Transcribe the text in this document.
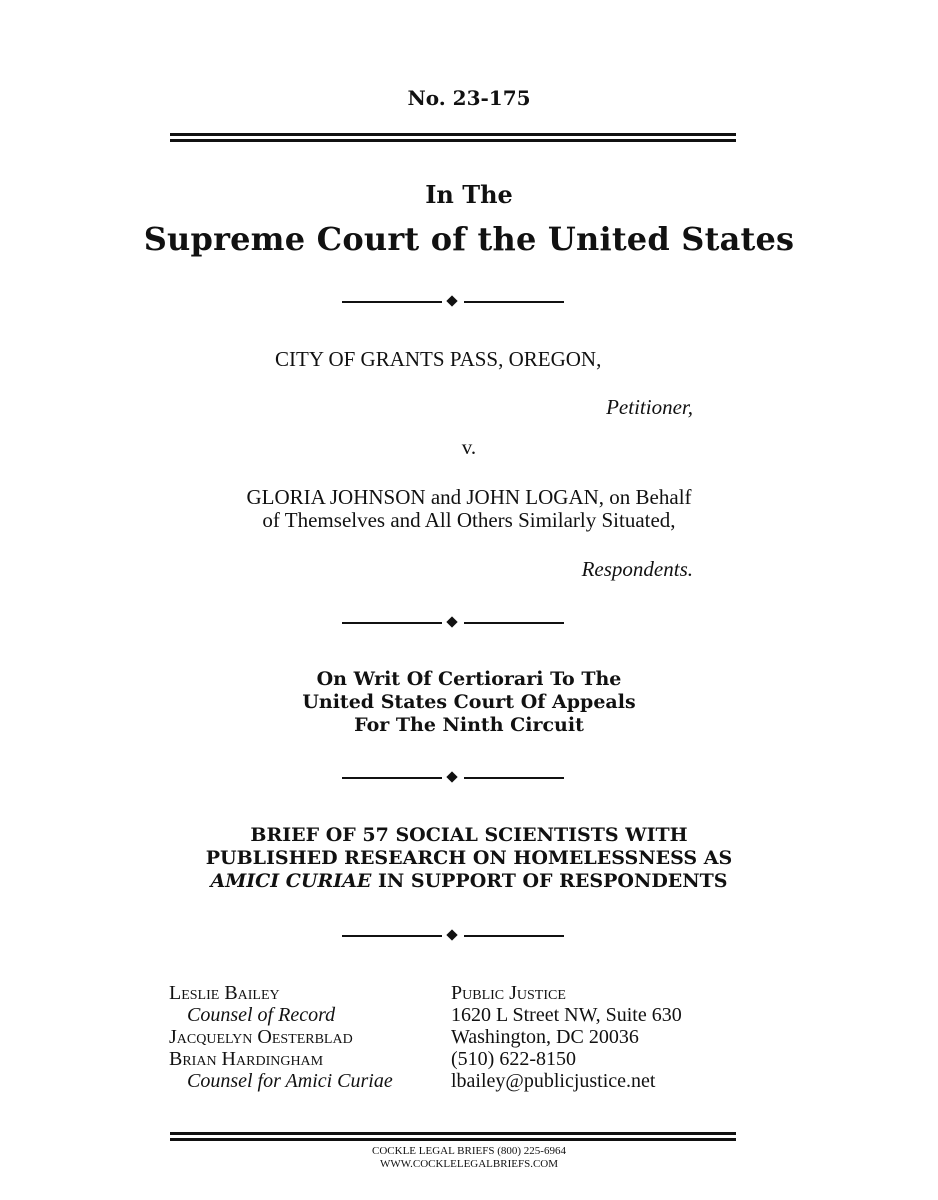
No. 23-175
In The
Supreme Court of the United States
CITY OF GRANTS PASS, OREGON,
Petitioner,
v.
GLORIA JOHNSON and JOHN LOGAN, on Behalf
of Themselves and All Others Similarly Situated,
Respondents.
On Writ Of Certiorari To The
United States Court Of Appeals
For The Ninth Circuit
BRIEF OF 57 SOCIAL SCIENTISTS WITH
PUBLISHED RESEARCH ON HOMELESSNESS AS
AMICI CURIAE IN SUPPORT OF RESPONDENTS
Leslie Bailey
Counsel of Record
Jacquelyn Oesterblad
Brian Hardingham
Counsel for Amici Curiae
Public Justice
1620 L Street NW, Suite 630
Washington, DC 20036
(510) 622-8150
lbailey@publicjustice.net
COCKLE LEGAL BRIEFS (800) 225-6964
WWW.COCKLELEGALBRIEFS.COM
